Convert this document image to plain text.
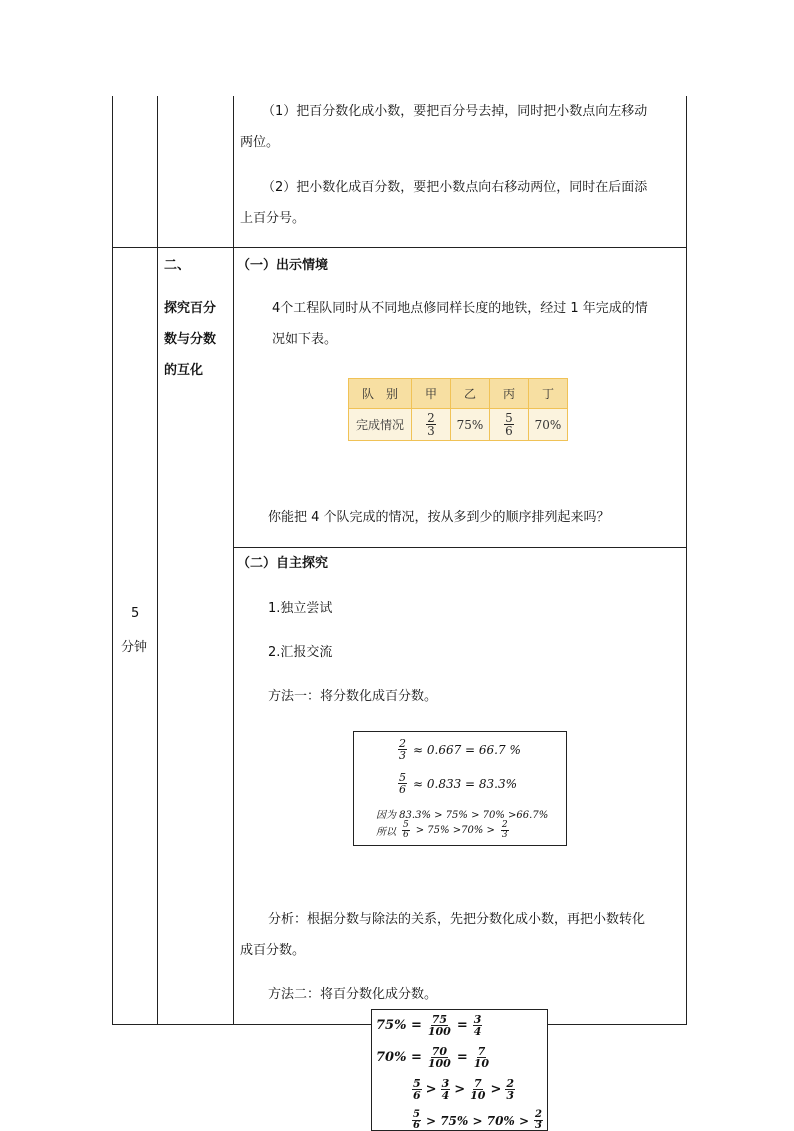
（1）把百分数化成小数，要把百分号去掉，同时把小数点向左移动
两位。
（2）把小数化成百分数，要把小数点向右移动两位，同时在后面添
上百分号。
5
分钟
二、
探究百分
数与分数
的互化
（一）出示情境
4个工程队同时从不同地点修同样长度的地铁，经过 1 年完成的情
况如下表。
队　别	甲	乙	丙	丁
完成情况	$\frac{2}{3}$	75%	$\frac{5}{6}$	70%
你能把 4 个队完成的情况，按从多到少的顺序排列起来吗？
（二）自主探究
1.独立尝试
2.汇报交流
方法一：将分数化成百分数。
$\frac{2}{3} \approx 0.667 = 66.7$ %
$\frac{5}{6} \approx 0.833 = 83.3\%$
因为 83.3% > 75% > 70% >66.7%
所以 $\frac{5}{6} > 75\% >70\% > \frac{2}{3}$
分析：根据分数与除法的关系，先把分数化成小数，再把小数转化
成百分数。
方法二：将百分数化成分数。
$75\% = \frac{75}{100} = \frac{3}{4}$
$70\% = \frac{70}{100} = \frac{7}{10}$
$\frac{5}{6} > \frac{3}{4} > \frac{7}{10} > \frac{2}{3}$
$\frac{5}{6} > 75\% > 70\% > \frac{2}{3}$
